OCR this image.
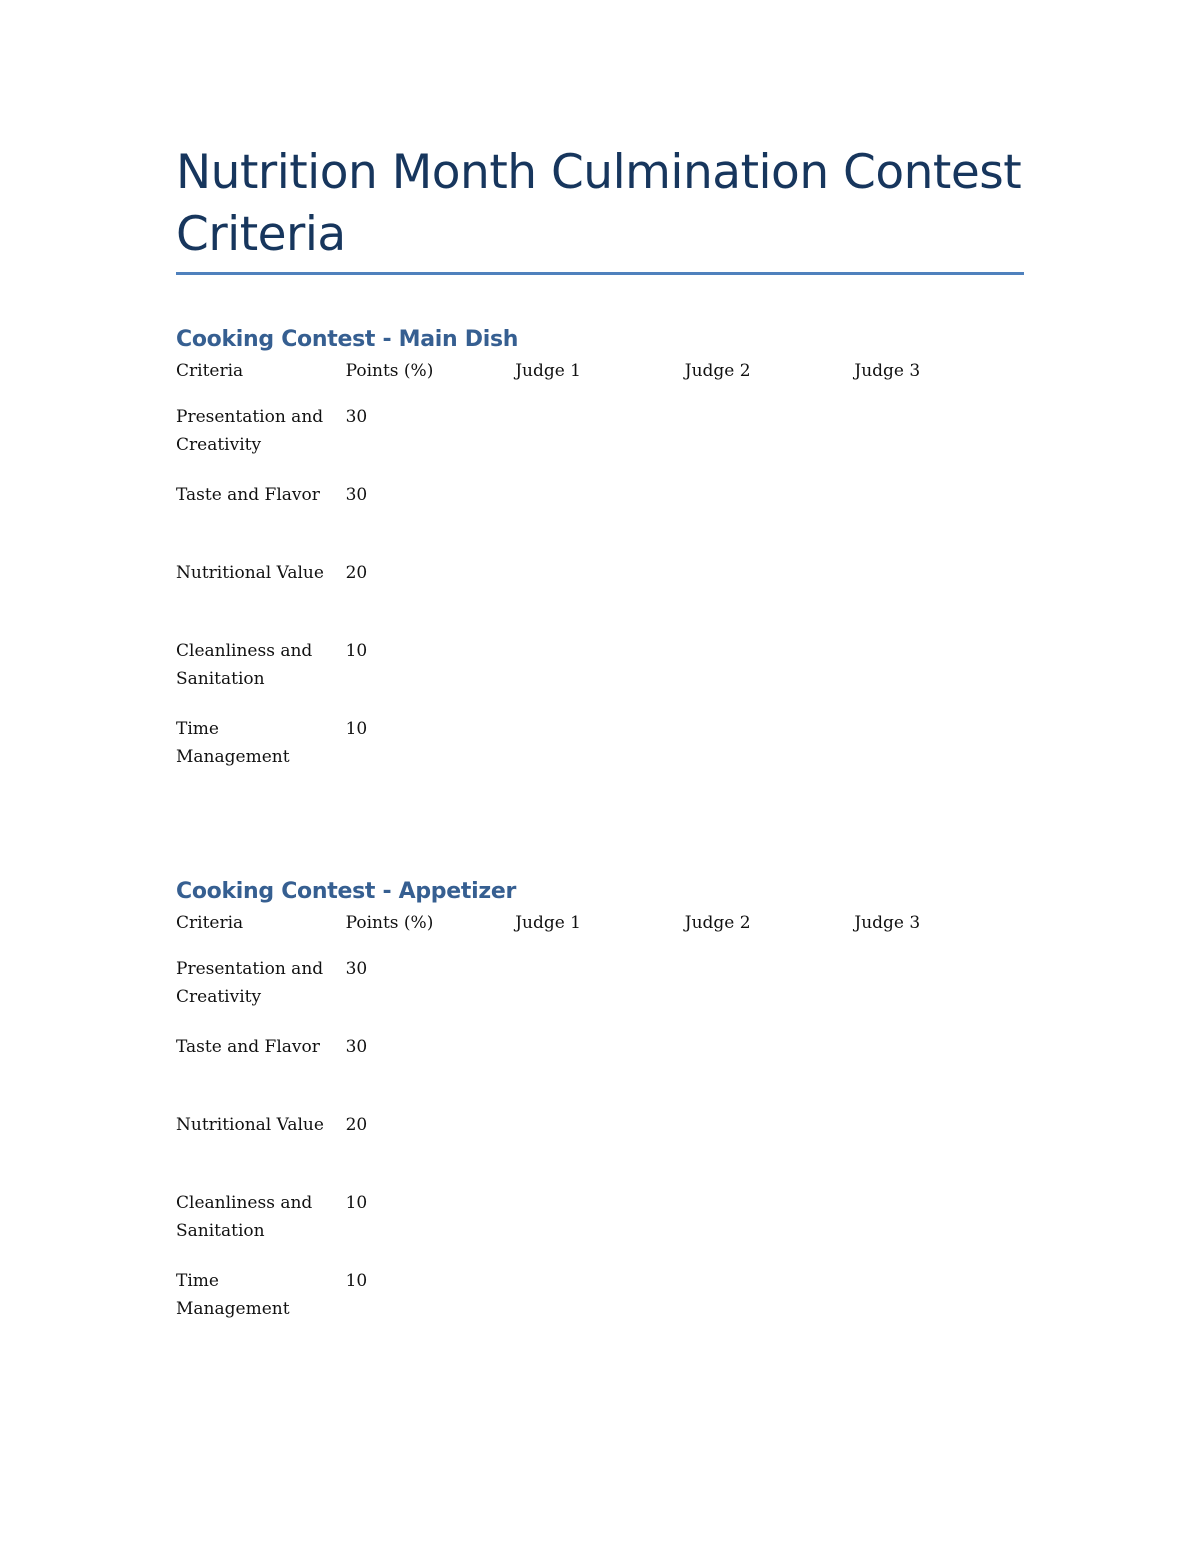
Nutrition Month Culmination Contest Criteria
Cooking Contest - Main Dish
Criteria	Points (%)	Judge 1	Judge 2	Judge 3
Presentation and Creativity	30			
Taste and Flavor	30			
Nutritional Value	20			
Cleanliness and Sanitation	10			
Time Management	10			
Cooking Contest - Appetizer
Criteria	Points (%)	Judge 1	Judge 2	Judge 3
Presentation and Creativity	30			
Taste and Flavor	30			
Nutritional Value	20			
Cleanliness and Sanitation	10			
Time Management	10			
